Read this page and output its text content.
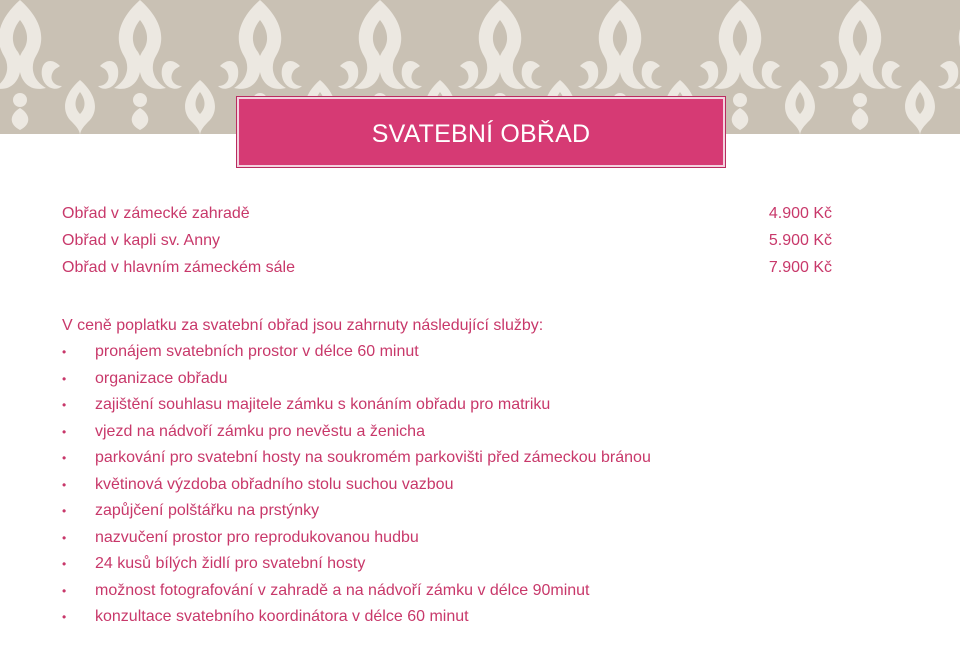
SVATEBNÍ OBŘAD
Obřad v zámecké zahradě	4.900 Kč
Obřad v kapli sv. Anny	5.900 Kč
Obřad v hlavním zámeckém sále	7.900 Kč
V ceně poplatku za svatební obřad jsou zahrnuty následující služby:
•	pronájem svatebních prostor v délce 60 minut
•	organizace obřadu
•	zajištění souhlasu majitele zámku s konáním obřadu pro matriku
•	vjezd na nádvoří zámku pro nevěstu a ženicha
•	parkování pro svatební hosty na soukromém parkovišti před zámeckou bránou
•	květinová výzdoba obřadního stolu suchou vazbou
•	zapůjčení polštářku na prstýnky
•	nazvučení prostor pro reprodukovanou hudbu
•	24 kusů bílých židlí pro svatební hosty
•	možnost fotografování v zahradě a na nádvoří zámku v délce 90minut
•	konzultace svatebního koordinátora v délce 60 minut
